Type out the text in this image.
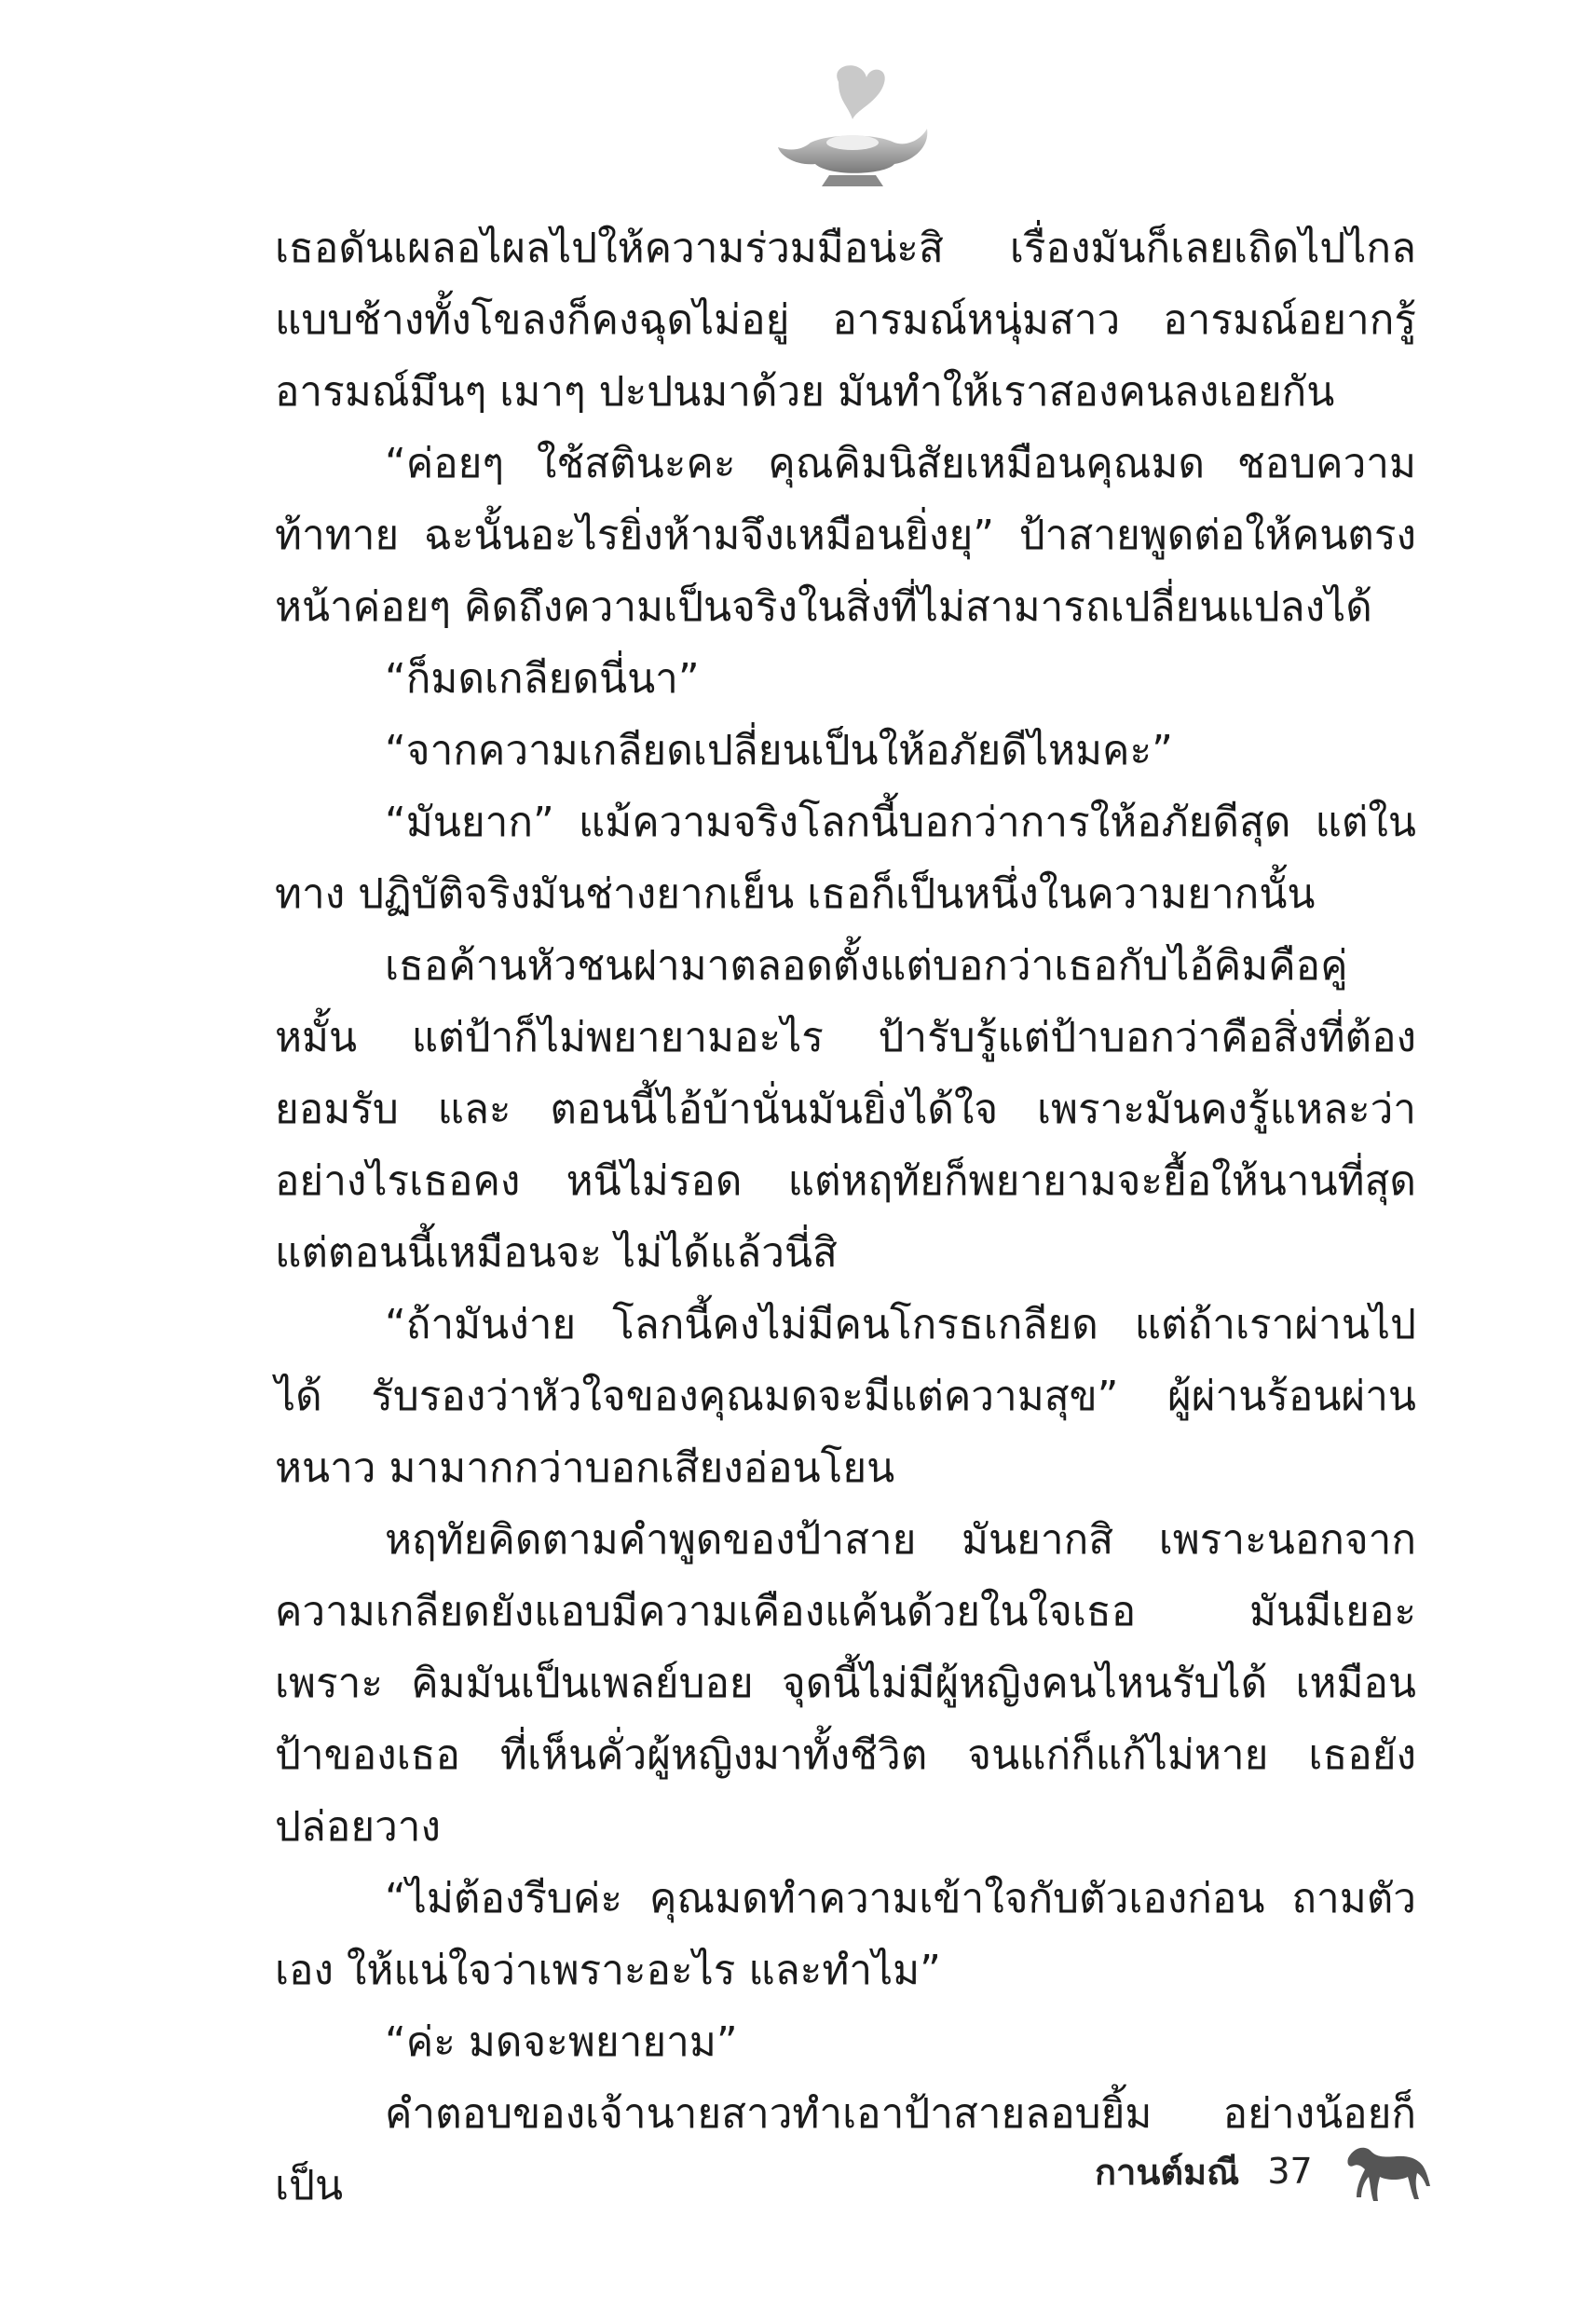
เธอดันเผลอไผลไปให้ความร่วมมือน่ะสิ เรื่องมันก็เลยเถิดไปไกล แบบช้างทั้งโขลงก็คงฉุดไม่อยู่ อารมณ์หนุ่มสาว อารมณ์อยากรู้ อารมณ์มึนๆ เมาๆ ปะปนมาด้วย มันทำให้เราสองคนลงเอยกัน

“ค่อยๆ ใช้สตินะคะ คุณคิมนิสัยเหมือนคุณมด ชอบความท้าทาย ฉะนั้นอะไรยิ่งห้ามจึงเหมือนยิ่งยุ” ป้าสายพูดต่อให้คนตรงหน้าค่อยๆ คิดถึงความเป็นจริงในสิ่งที่ไม่สามารถเปลี่ยนแปลงได้

“ก็มดเกลียดนี่นา”

“จากความเกลียดเปลี่ยนเป็นให้อภัยดีไหมคะ”

“มันยาก” แม้ความจริงโลกนี้บอกว่าการให้อภัยดีสุด แต่ในทาง ปฏิบัติจริงมันช่างยากเย็น เธอก็เป็นหนึ่งในความยากนั้น

เธอค้านหัวชนฝามาตลอดตั้งแต่บอกว่าเธอกับไอ้คิมคือคู่หมั้น แต่ป้าก็ไม่พยายามอะไร ป้ารับรู้แต่ป้าบอกว่าคือสิ่งที่ต้องยอมรับ และ ตอนนี้ไอ้บ้านั่นมันยิ่งได้ใจ เพราะมันคงรู้แหละว่าอย่างไรเธอคง หนีไม่รอด แต่หฤทัยก็พยายามจะยื้อให้นานที่สุด แต่ตอนนี้เหมือนจะ ไม่ได้แล้วนี่สิ

“ถ้ามันง่าย โลกนี้คงไม่มีคนโกรธเกลียด แต่ถ้าเราผ่านไปได้ รับรองว่าหัวใจของคุณมดจะมีแต่ความสุข” ผู้ผ่านร้อนผ่านหนาว มามากกว่าบอกเสียงอ่อนโยน

หฤทัยคิดตามคำพูดของป้าสาย มันยากสิ เพราะนอกจาก ความเกลียดยังแอบมีความเคืองแค้นด้วยในใจเธอ มันมีเยอะ เพราะ คิมมันเป็นเพลย์บอย จุดนี้ไม่มีผู้หญิงคนไหนรับได้ เหมือนป้าของเธอ ที่เห็นคั่วผู้หญิงมาทั้งชีวิต จนแก่ก็แก้ไม่หาย เธอยังปล่อยวาง

“ไม่ต้องรีบค่ะ คุณมดทำความเข้าใจกับตัวเองก่อน ถามตัวเอง ให้แน่ใจว่าเพราะอะไร และทำไม”

“ค่ะ มดจะพยายาม”

คำตอบของเจ้านายสาวทำเอาป้าสายลอบยิ้ม อย่างน้อยก็เป็น	กานต์มณี 37
